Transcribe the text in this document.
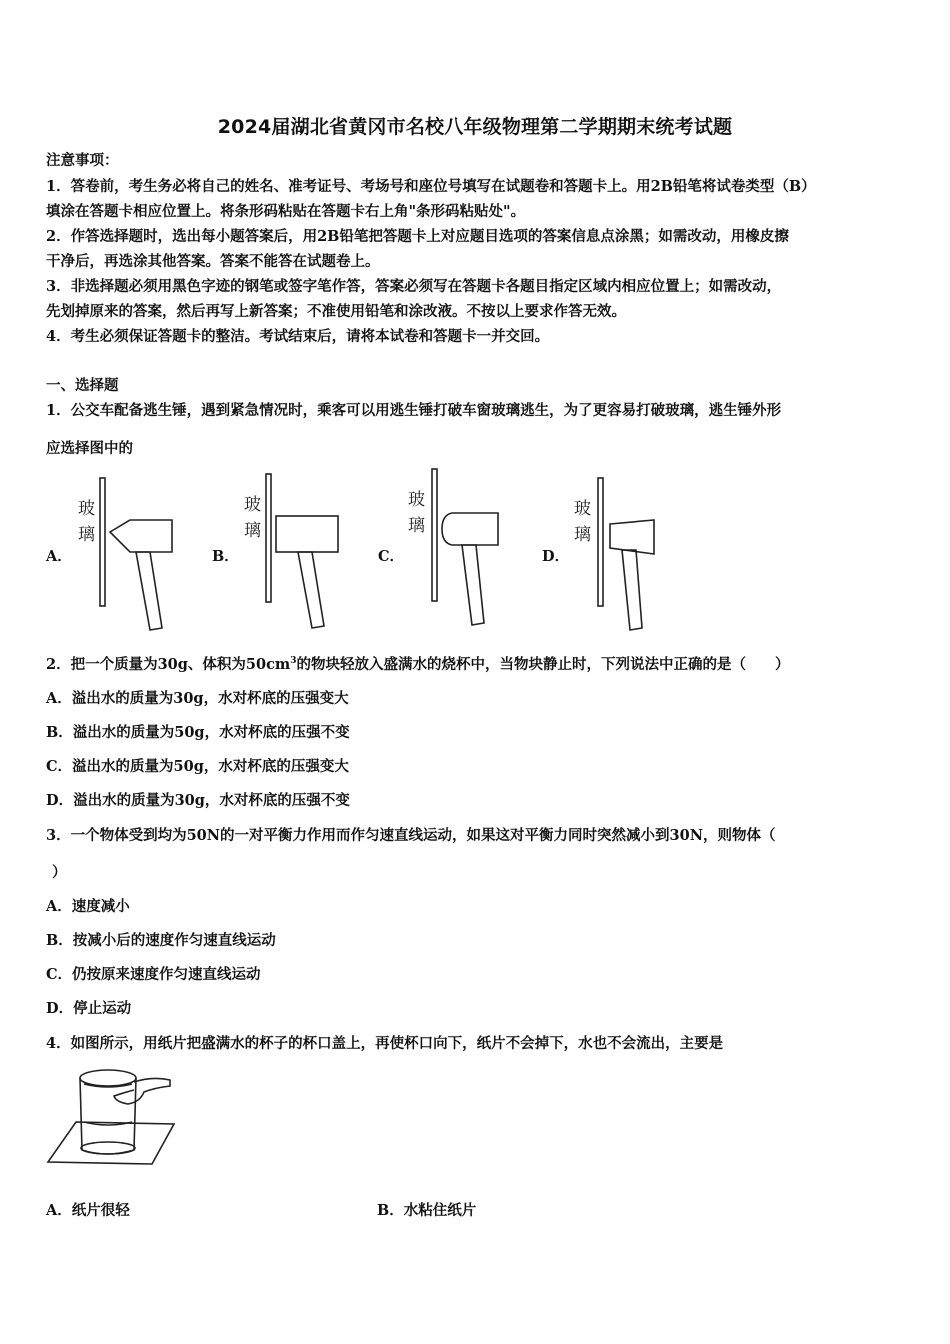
2024届湖北省黄冈市名校八年级物理第二学期期末统考试题
注意事项：
1．答卷前，考生务必将自己的姓名、准考证号、考场号和座位号填写在试题卷和答题卡上。用2B铅笔将试卷类型（B）
填涂在答题卡相应位置上。将条形码粘贴在答题卡右上角"条形码粘贴处"。
2．作答选择题时，选出每小题答案后，用2B铅笔把答题卡上对应题目选项的答案信息点涂黑；如需改动，用橡皮擦
干净后，再选涂其他答案。答案不能答在试题卷上。
3．非选择题必须用黑色字迹的钢笔或签字笔作答，答案必须写在答题卡各题目指定区域内相应位置上；如需改动，
先划掉原来的答案，然后再写上新答案；不准使用铅笔和涂改液。不按以上要求作答无效。
4．考生必须保证答题卡的整洁。考试结束后，请将本试卷和答题卡一并交回。
一、选择题
1．公交车配备逃生锤，遇到紧急情况时，乘客可以用逃生锤打破车窗玻璃逃生，为了更容易打破玻璃，逃生锤外形
应选择图中的
A．	B．	C．	D．
玻
璃
玻
璃
玻
璃
玻
璃
2．把一个质量为30g、体积为$50cm^3$的物块轻放入盛满水的烧杯中，当物块静止时，下列说法中正确的是（　　）
A．溢出水的质量为30g，水对杯底的压强变大
B．溢出水的质量为50g，水对杯底的压强不变
C．溢出水的质量为50g，水对杯底的压强变大
D．溢出水的质量为30g，水对杯底的压强不变
3．一个物体受到均为50N的一对平衡力作用而作匀速直线运动，如果这对平衡力同时突然减小到30N，则物体（
）
A．速度减小
B．按减小后的速度作匀速直线运动
C．仍按原来速度作匀速直线运动
D．停止运动
4．如图所示，用纸片把盛满水的杯子的杯口盖上，再使杯口向下，纸片不会掉下，水也不会流出，主要是
A．纸片很轻	B．水粘住纸片
